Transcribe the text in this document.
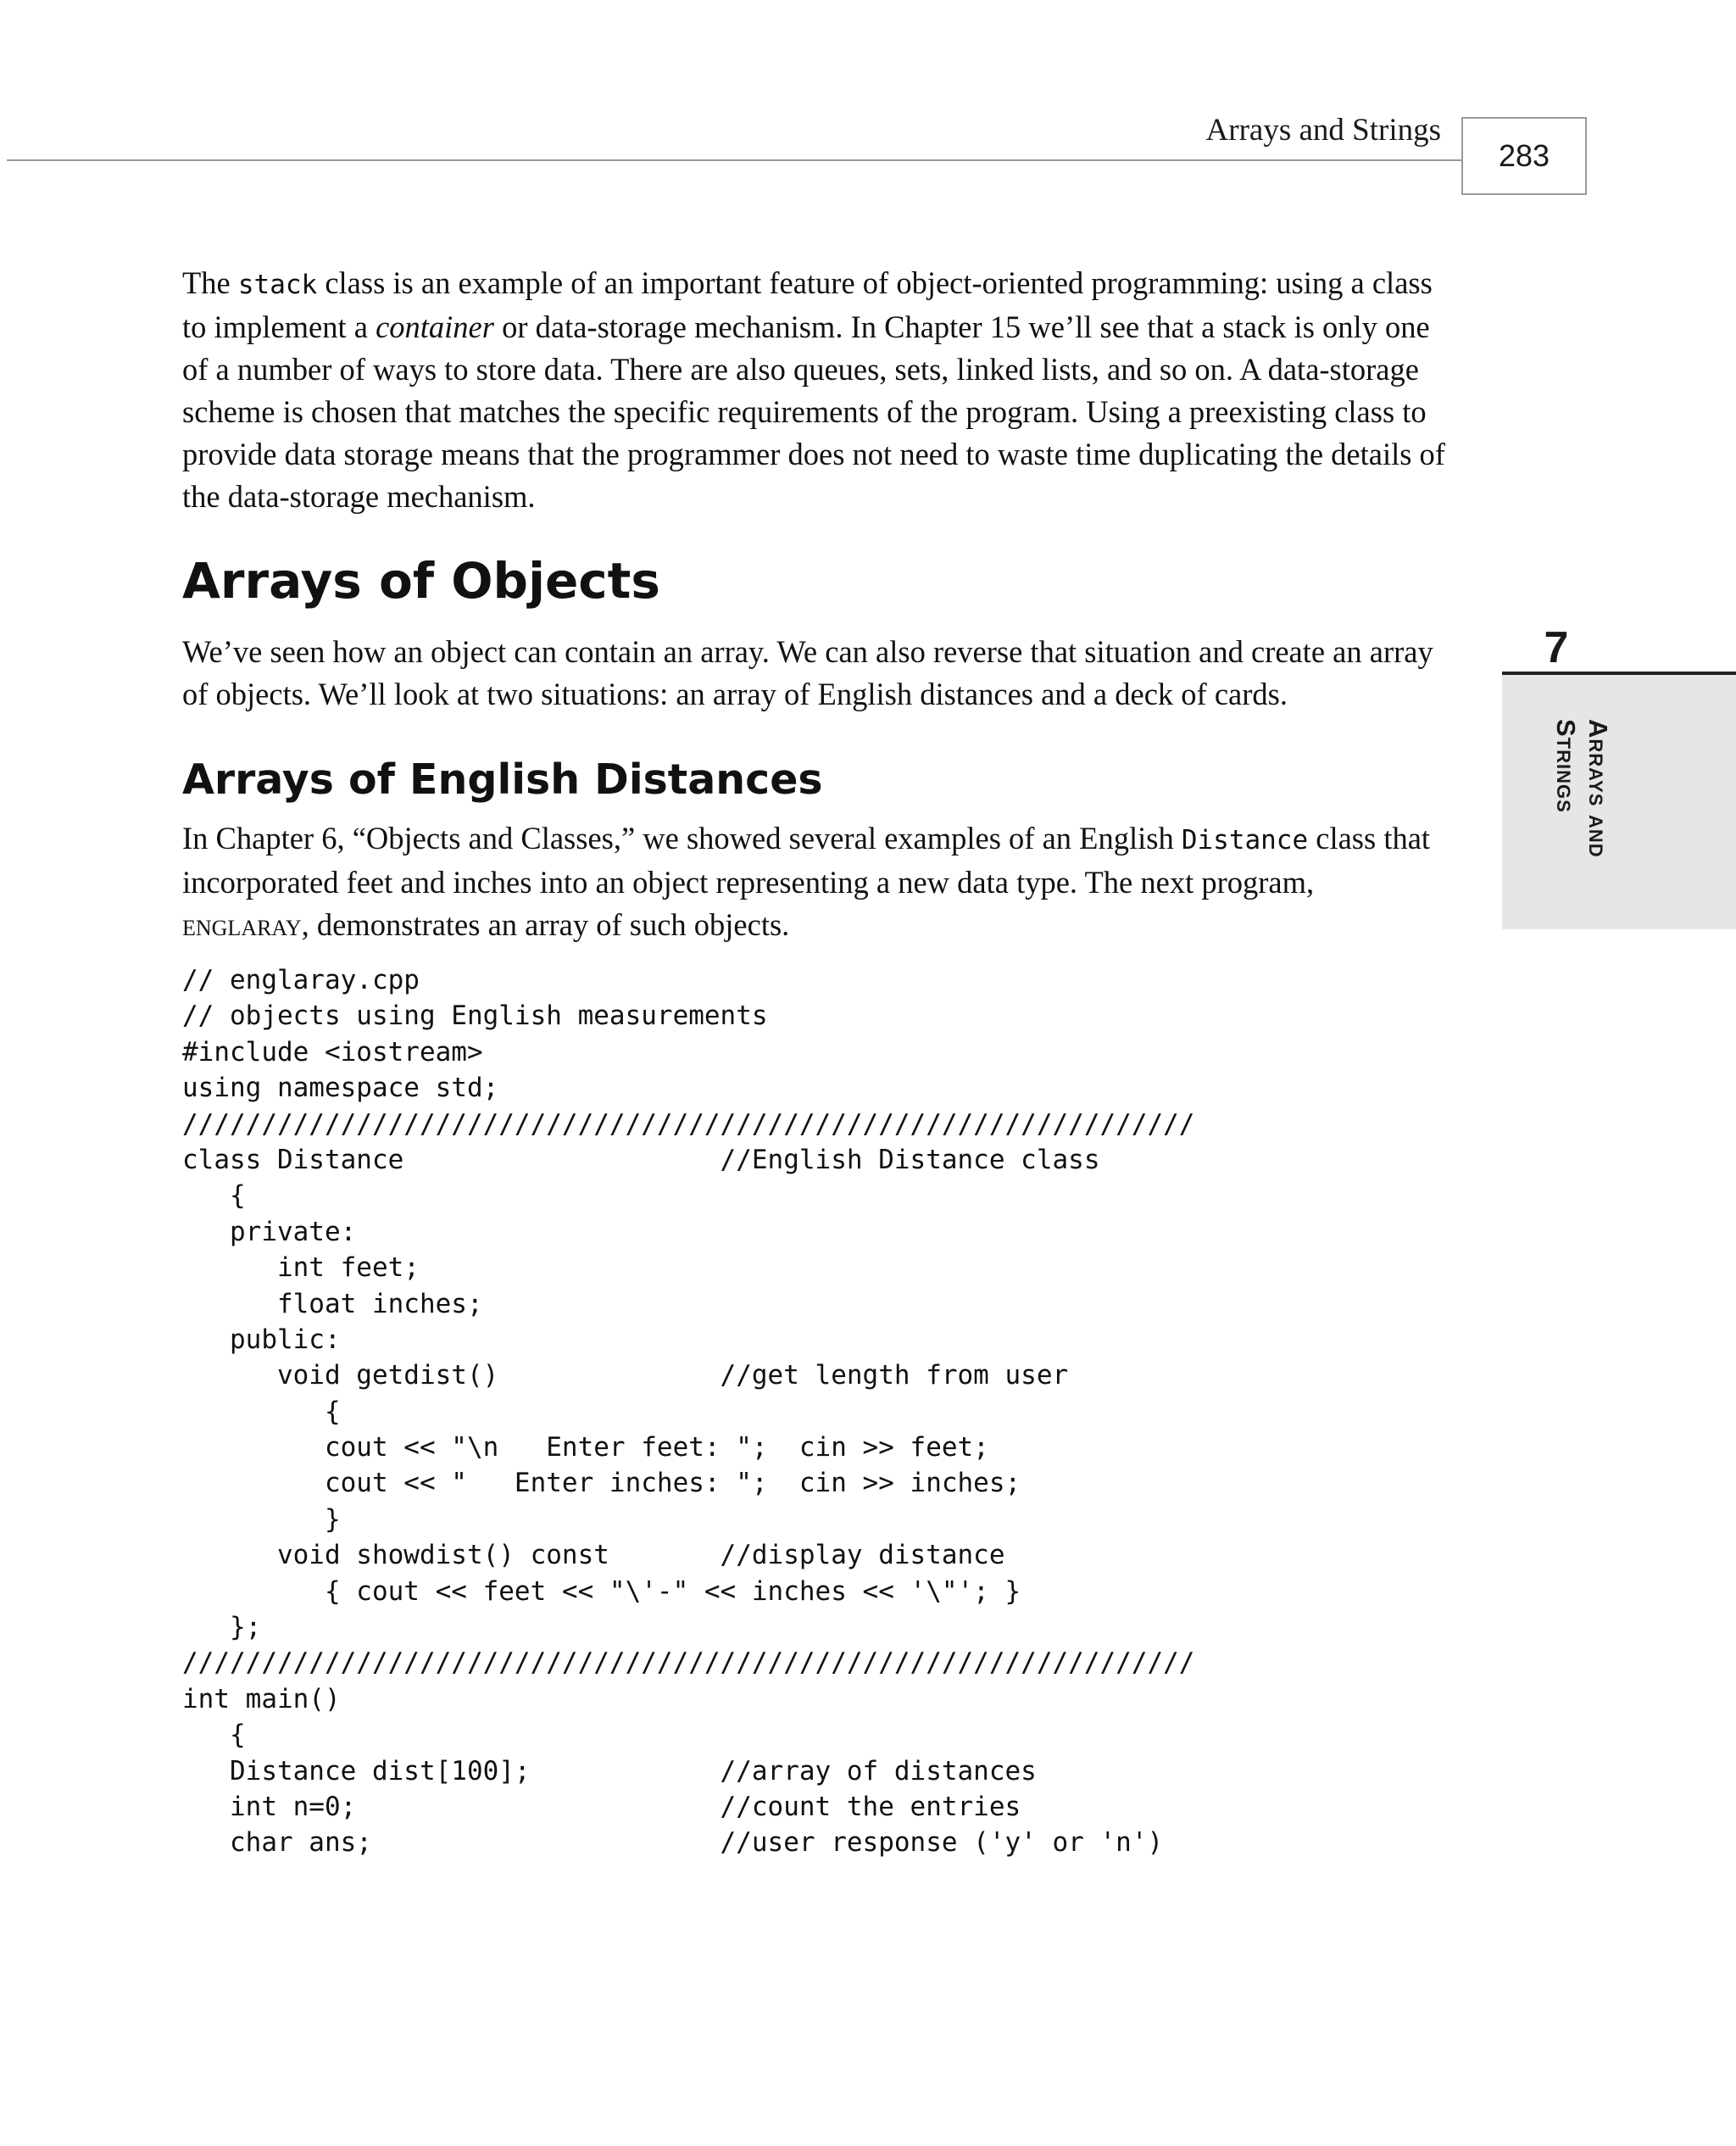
Arrays and Strings
283
7
Arrays and
Strings

The stack class is an example of an important feature of object-oriented programming: using a class to implement a container or data-storage mechanism. In Chapter 15 we’ll see that a stack is only one of a number of ways to store data. There are also queues, sets, linked lists, and so on. A data-storage scheme is chosen that matches the specific requirements of the program. Using a preexisting class to provide data storage means that the programmer does not need to waste time duplicating the details of the data-storage mechanism.

Arrays of Objects

We’ve seen how an object can contain an array. We can also reverse that situation and create an array of objects. We’ll look at two situations: an array of English distances and a deck of cards.

Arrays of English Distances

In Chapter 6, “Objects and Classes,” we showed several examples of an English Distance class that incorporated feet and inches into an object representing a new data type. The next program, englaray, demonstrates an array of such objects.

// englaray.cpp
// objects using English measurements
#include <iostream>
using namespace std;
////////////////////////////////////////////////////////////////
class Distance                    //English Distance class
{
private:
int feet;
float inches;
public:
void getdist()              //get length from user
{
cout << "\n   Enter feet: ";  cin >> feet;
cout << "   Enter inches: ";  cin >> inches;
}
void showdist() const       //display distance
{ cout << feet << "\'-" << inches << '\"'; }
};
////////////////////////////////////////////////////////////////
int main()
{
Distance dist[100];            //array of distances
int n=0;                       //count the entries
char ans;                      //user response ('y' or 'n')
